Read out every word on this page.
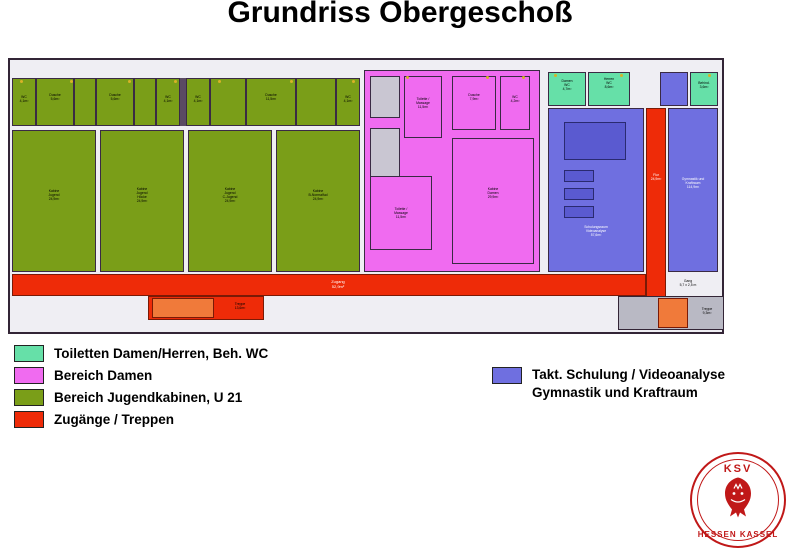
Grundriss Obergeschoß
WC
4,1m²
Dusche
5,6m²
Dusche
5,6m²	WC
4,1m²
WC
4,1m²
Dusche
11,5m²	WC
4,1m²
Kabine
Jugend
24,9m²
Kabine
Jugend
Höcke
24,9m²
Kabine
Jugend
C-Jugend
24,9m²
Kabine
B-Normalfud
24,9m²
Toilette /
Massage
11,5m²
Toilette /
Massage
11,5m²
Dusche
7,9m²	WC
4,2m²
Kabine
Damen
29,9m²
Damen
WC
4,7m²
Herren
WC
8,6m²
Behind.
3,6m²
Schulungsraum
Videoanalyse
57,6m²
Flur
24,9m²	Gymnastik und
Kraftraum
114,9m²
Zugang
52,9m²
Treppe
13,6m²	Treppe
9,3m²
Gang
5,7 x 2,5 m
Toiletten Damen/Herren, Beh. WC
Bereich Damen
Bereich Jugendkabinen, U 21
Zugänge / Treppen
Takt. Schulung / Videoanalyse
Gymnastik und Kraftraum
KSV
HESSEN KASSEL
